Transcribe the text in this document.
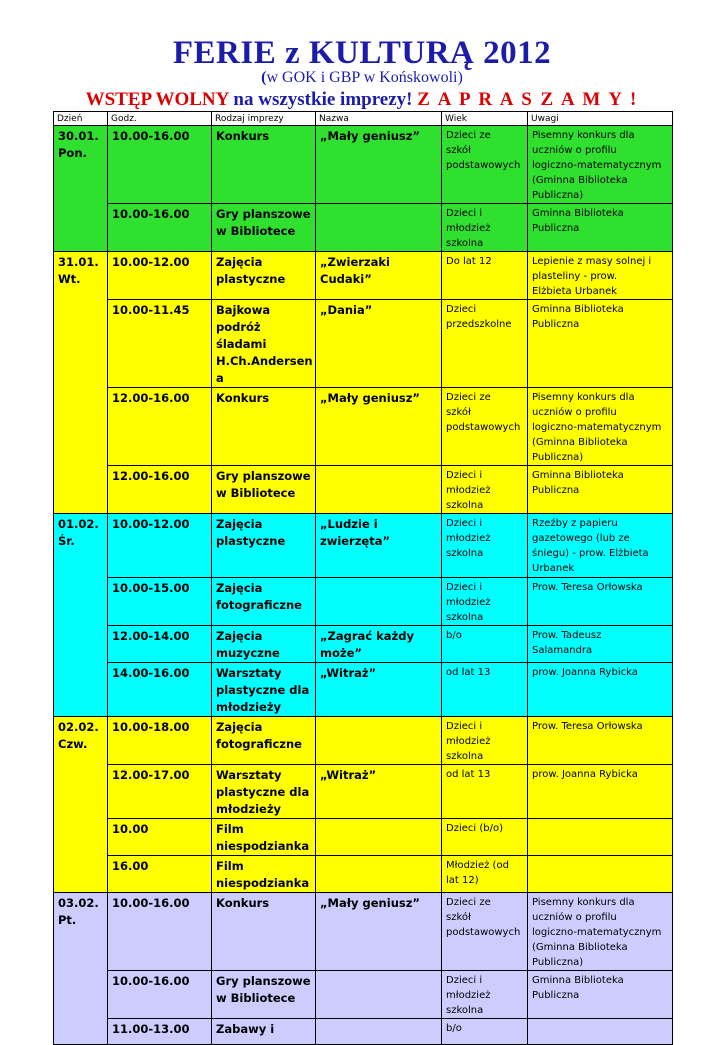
FERIE z KULTURĄ 2012
(w GOK i GBP w Końskowoli)
WSTĘP WOLNY na wszystkie imprezy! Z A P R A S Z A M Y !
Dzień	Godz.	Rodzaj imprezy	Nazwa	Wiek	Uwagi

30.01.
Pon.	10.00-16.00	Konkurs	„Mały geniusz”	Dzieci ze
szkół
podstawowych	Pisemny konkurs dla
uczniów o profilu
logiczno-matematycznym
(Gminna Biblioteka
Publiczna)

	10.00-16.00	Gry planszowe
w Bibliotece		Dzieci i
młodzież
szkolna	Gminna Biblioteka
Publiczna

31.01.
Wt.	10.00-12.00	Zajęcia
plastyczne	„Zwierzaki Cudaki”	Do lat 12	Lepienie z masy solnej i
plasteliny - prow.
Elżbieta Urbanek

	10.00-11.45	Bajkowa
podróż śladami
H.Ch.Andersen
a	„Dania”	Dzieci
przedszkolne	Gminna Biblioteka
Publiczna

	12.00-16.00	Konkurs	„Mały geniusz”	Dzieci ze
szkół
podstawowych	Pisemny konkurs dla
uczniów o profilu
logiczno-matematycznym
(Gminna Biblioteka
Publiczna)

	12.00-16.00	Gry planszowe
w Bibliotece		Dzieci i
młodzież
szkolna	Gminna Biblioteka
Publiczna

01.02.
Śr.	10.00-12.00	Zajęcia
plastyczne	„Ludzie i
zwierzęta”	Dzieci i
młodzież
szkolna	Rzeźby z papieru
gazetowego (lub ze
śniegu) - prow. Elżbieta
Urbanek

	10.00-15.00	Zajęcia
fotograficzne		Dzieci i
młodzież
szkolna	Prow. Teresa Orłowska

	12.00-14.00	Zajęcia
muzyczne	„Zagrać każdy
może”	b/o	Prow. Tadeusz
Salamandra

	14.00-16.00	Warsztaty
plastyczne dla
młodzieży	„Witraż”	od lat 13	prow. Joanna Rybicka

02.02.
Czw.	10.00-18.00	Zajęcia
fotograficzne		Dzieci i
młodzież
szkolna	Prow. Teresa Orłowska

	12.00-17.00	Warsztaty
plastyczne dla
młodzieży	„Witraż”	od lat 13	prow. Joanna Rybicka

	10.00	Film
niespodzianka		Dzieci (b/o)	

	16.00	Film
niespodzianka		Młodzież (od
lat 12)	

03.02.
Pt.	10.00-16.00	Konkurs	„Mały geniusz”	Dzieci ze
szkół
podstawowych	Pisemny konkurs dla
uczniów o profilu
logiczno-matematycznym
(Gminna Biblioteka
Publiczna)

	10.00-16.00	Gry planszowe
w Bibliotece		Dzieci i
młodzież
szkolna	Gminna Biblioteka
Publiczna

	11.00-13.00	Zabawy i		b/o	
